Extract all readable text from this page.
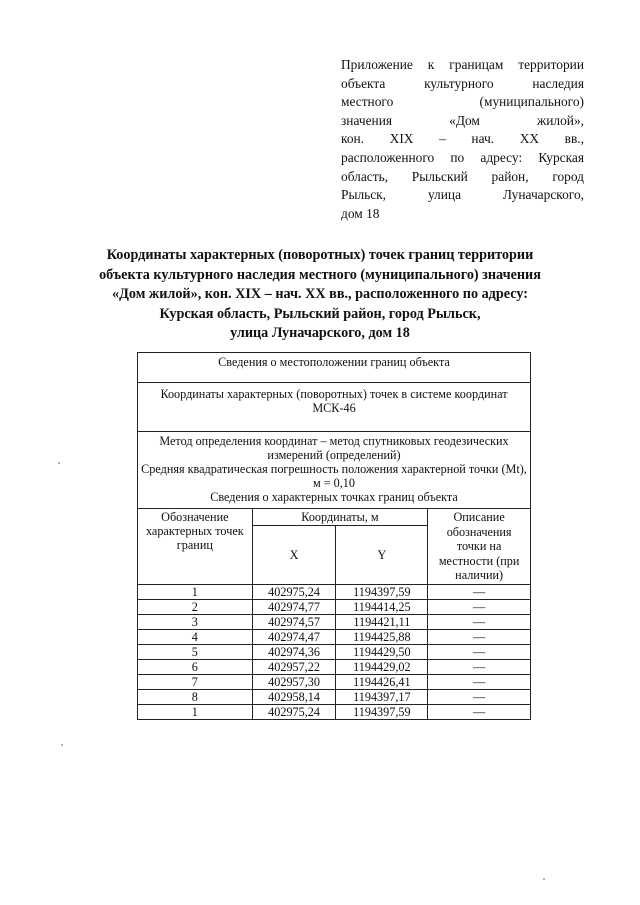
Приложение к границам территории
объекта культурного наследия
местного (муниципального)
значения «Дом жилой»,
кон. XIX – нач. XX вв.,
расположенного по адресу: Курская
область, Рыльский район, город
Рыльск, улица Луначарского,
дом 18
Координаты характерных (поворотных) точек границ территории
объекта культурного наследия местного (муниципального) значения
«Дом жилой», кон. XIX – нач. XX вв., расположенного по адресу:
Курская область, Рыльский район, город Рыльск,
улица Луначарского, дом 18
Сведения о местоположении границ объекта			
Координаты характерных (поворотных) точек в системе координат МСК-46			

Метод определения координат – метод спутниковых геодезических измерений (определений)
Средняя квадратическая погрешность положения характерной точки (Mt), м = 0,10
Сведения о характерных точках границ объекта			

Обозначение характерных точек границ	Координаты, м		Описание обозначения точки на местности (при наличии)
	X	Y	
1	402975,24	1194397,59	—
2	402974,77	1194414,25	—
3	402974,57	1194421,11	—
4	402974,47	1194425,88	—
5	402974,36	1194429,50	—
6	402957,22	1194429,02	—
7	402957,30	1194426,41	—
8	402958,14	1194397,17	—
1	402975,24	1194397,59	—
